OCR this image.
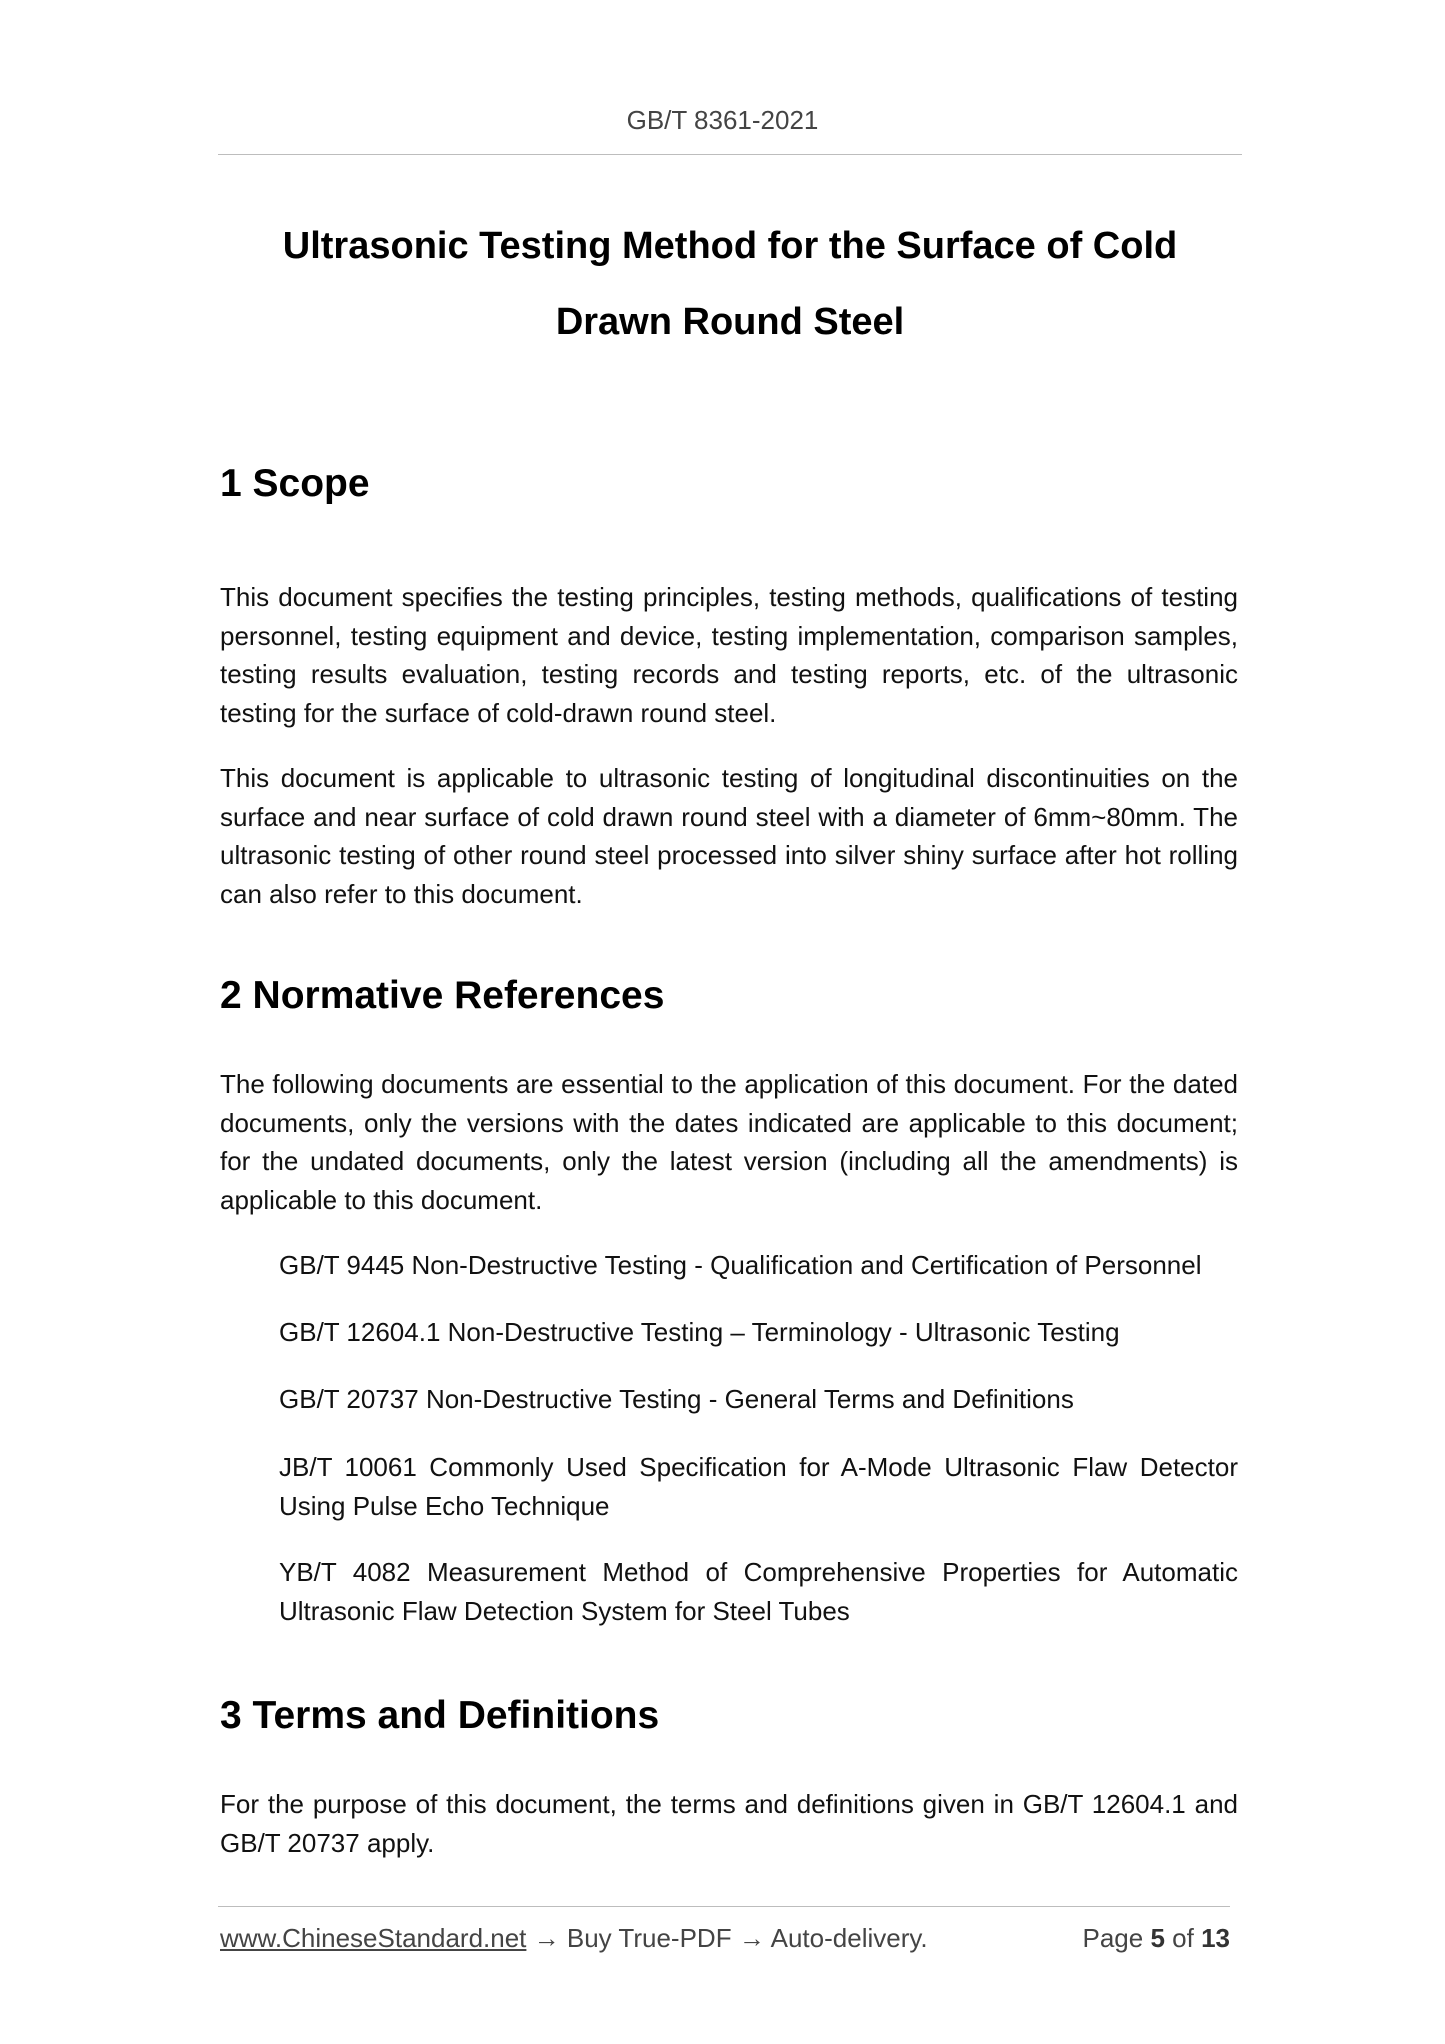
GB/T 8361-2021
Ultrasonic Testing Method for the Surface of Cold
Drawn Round Steel
1 Scope

This document specifies the testing principles, testing methods, qualifications of testing personnel, testing equipment and device, testing implementation, comparison samples, testing results evaluation, testing records and testing reports, etc. of the ultrasonic testing for the surface of cold-drawn round steel.

This document is applicable to ultrasonic testing of longitudinal discontinuities on the surface and near surface of cold drawn round steel with a diameter of 6mm~80mm. The ultrasonic testing of other round steel processed into silver shiny surface after hot rolling can also refer to this document.

2 Normative References

The following documents are essential to the application of this document. For the dated documents, only the versions with the dates indicated are applicable to this document; for the undated documents, only the latest version (including all the amendments) is applicable to this document.

GB/T 9445 Non-Destructive Testing - Qualification and Certification of Personnel

GB/T 12604.1 Non-Destructive Testing – Terminology - Ultrasonic Testing

GB/T 20737 Non-Destructive Testing - General Terms and Definitions

JB/T 10061 Commonly Used Specification for A-Mode Ultrasonic Flaw Detector Using Pulse Echo Technique

YB/T 4082 Measurement Method of Comprehensive Properties for Automatic Ultrasonic Flaw Detection System for Steel Tubes

3 Terms and Definitions

For the purpose of this document, the terms and definitions given in GB/T 12604.1 and GB/T 20737 apply.

www.ChineseStandard.net → Buy True-PDF → Auto-delivery.	Page 5 of 13
